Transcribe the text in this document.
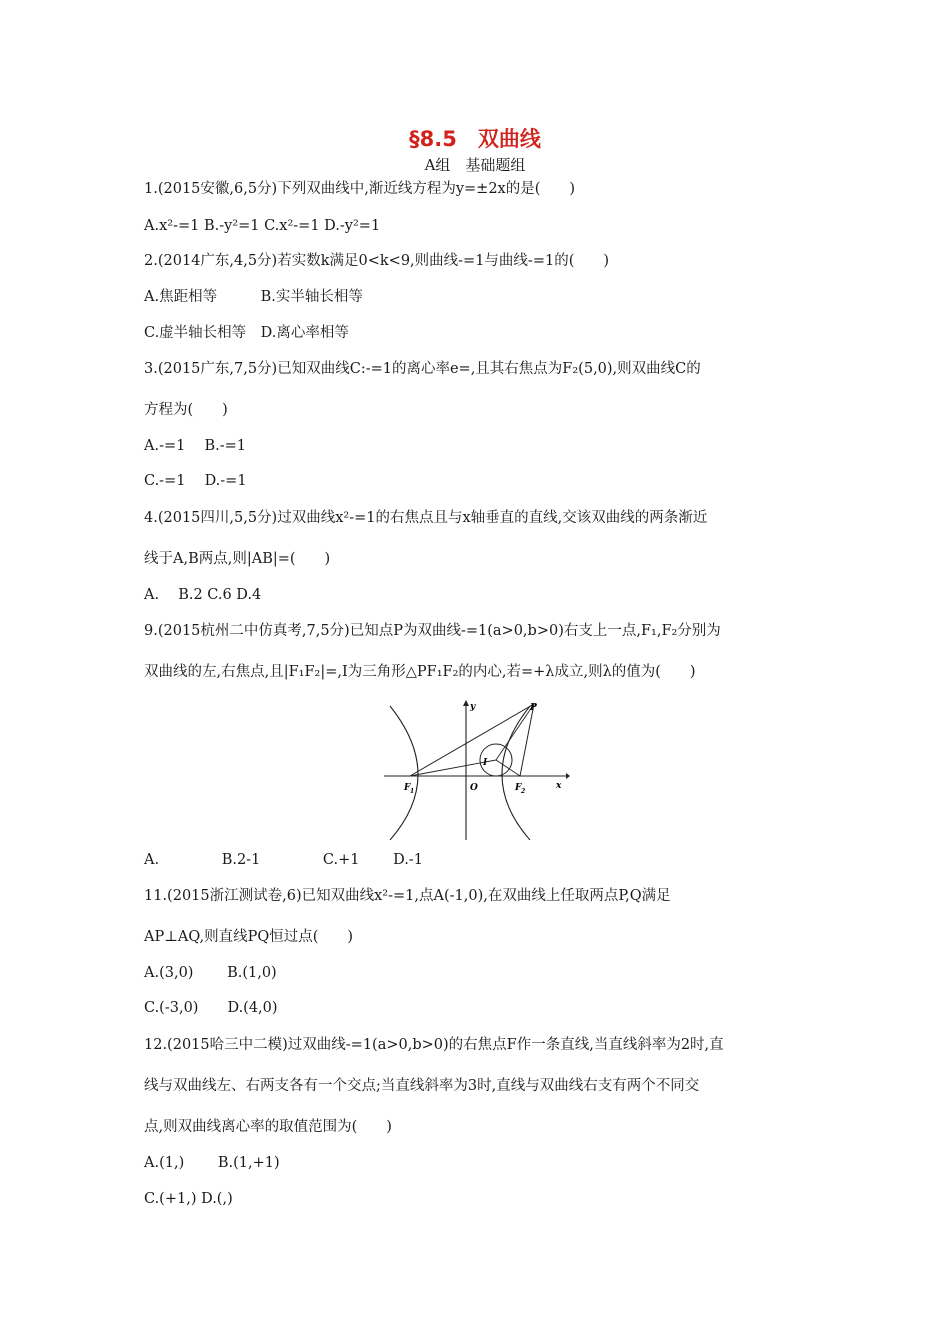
§8.5　双曲线
A组　基础题组
1.(2015安徽,6,5分)下列双曲线中,渐近线方程为y=±2x的是(　　)
A.x²-=1 B.-y²=1 C.x²-=1 D.-y²=1
2.(2014广东,4,5分)若实数k满足0<k<9,则曲线-=1与曲线-=1的(　　)
A.焦距相等　　　B.实半轴长相等
C.虚半轴长相等　D.离心率相等
3.(2015广东,7,5分)已知双曲线C:-=1的离心率e=,且其右焦点为F₂(5,0),则双曲线C的
方程为(　　)
A.-=1　 B.-=1
C.-=1　 D.-=1
4.(2015四川,5,5分)过双曲线x²-=1的右焦点且与x轴垂直的直线,交该双曲线的两条渐近
线于A,B两点,则|AB|=(　　)
A.　 B.2 C.6 D.4
9.(2015杭州二中仿真考,7,5分)已知点P为双曲线-=1(a>0,b>0)右支上一点,F₁,F₂分别为
双曲线的左,右焦点,且|F₁F₂|=,I为三角形△PF₁F₂的内心,若=+λ成立,则λ的值为(　　)
y
x
O
P
I
F 1	F 2
A.　　　　 B.2-1　　　　 C.+1　　 D.-1
11.(2015浙江测试卷,6)已知双曲线x²-=1,点A(-1,0),在双曲线上任取两点P,Q满足
AP⊥AQ,则直线PQ恒过点(　　)
A.(3,0)　　 B.(1,0)
C.(-3,0)　　D.(4,0)
12.(2015哈三中二模)过双曲线-=1(a>0,b>0)的右焦点F作一条直线,当直线斜率为2时,直
线与双曲线左、右两支各有一个交点;当直线斜率为3时,直线与双曲线右支有两个不同交
点,则双曲线离心率的取值范围为(　　)
A.(1,)　　 B.(1,+1)
C.(+1,) D.(,)
